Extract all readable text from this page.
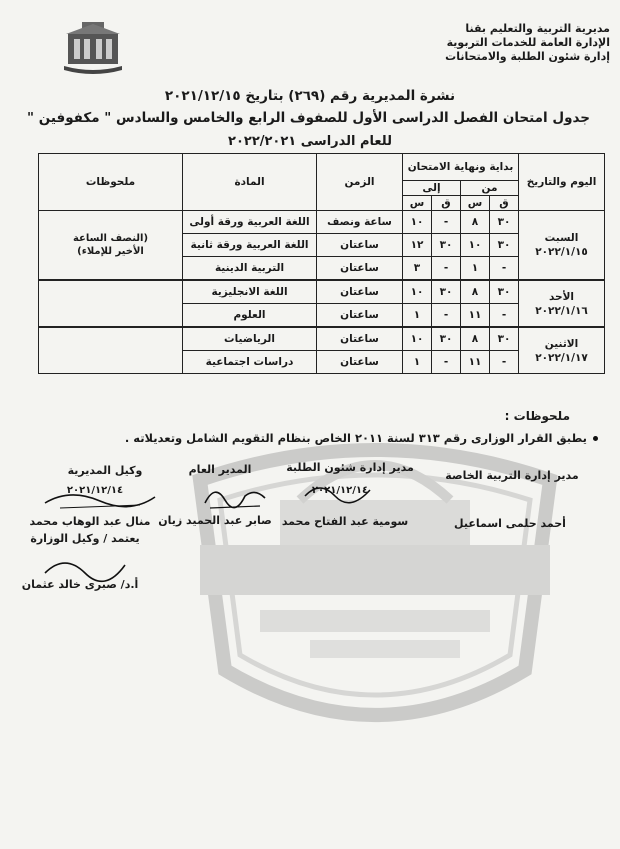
مديرية التربية والتعليم بقنا
الإدارة العامة للخدمات التربوية
إدارة شئون الطلبة والامتحانات
نشرة المديرية رقم (٢٦٩) بتاريخ ٢٠٢١/١٢/١٥
جدول امتحان الفصل الدراسى الأول للصفوف الرابع والخامس والسادس " مكفوفين "
للعام الدراسى ٢٠٢٢/٢٠٢١
اليوم والتاريخ	بداية ونهاية الامتحان				الزمن	المادة	ملحوظات
	من		إلى				
	ق	س	ق	س			
السبت
٢٠٢٢/١/١٥	٣٠	٨	-	١٠	ساعة ونصف	اللغة العربية ورقة أولى	(النصف الساعة
الأخير للإملاء)
	٣٠	١٠	٣٠	١٢	ساعتان	اللغة العربية ورقة ثانية	
	-	١	-	٣	ساعتان	التربية الدينية	
الأحد
٢٠٢٢/١/١٦	٣٠	٨	٣٠	١٠	ساعتان	اللغة الانجليزية	
	-	١١	-	١	ساعتان	العلوم	
الاثنين
٢٠٢٢/١/١٧	٣٠	٨	٣٠	١٠	ساعتان	الرياضيات	
	-	١١	-	١	ساعتان	دراسات اجتماعية	
ملحوظات :
يطبق القرار الوزارى رقم ٣١٣ لسنة ٢٠١١ الخاص بنظام التقويم الشامل وتعديلاته .
مدير إدارة التربية الخاصة
مدير إدارة شئون الطلبة
المدير العام
وكيل المديرية
٢٠٢١/١٢/١٤
٢٠٢١/١٢/١٤
أحمد حلمى اسماعيل
سومية عبد الفتاح محمد
صابر عبد الحميد زيان
منال عبد الوهاب محمد
يعتمد / وكيل الوزارة
أ.د/ صبرى خالد عثمان
